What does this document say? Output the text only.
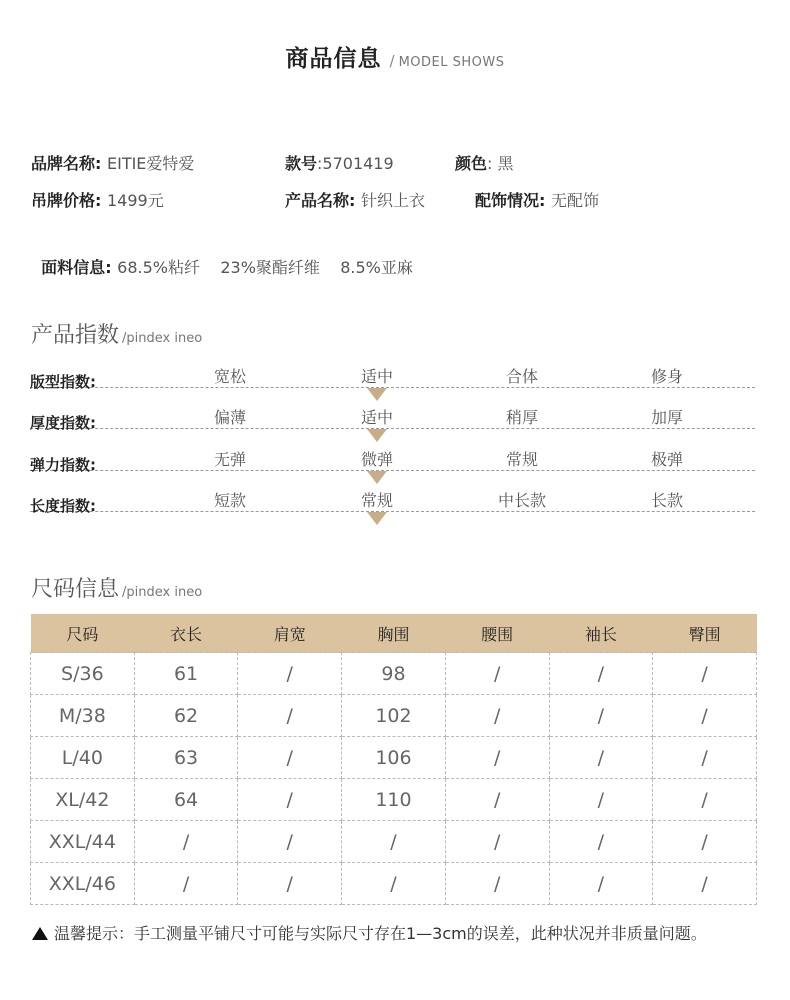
商品信息 / MODEL SHOWS
品牌名称: EITIE爱特爱	款号:5701419	颜色: 黑
吊牌价格: 1499元	产品名称: 针织上衣	配饰情况: 无配饰

面料信息: 68.5%粘纤    23%聚酯纤维    8.5%亚麻

产品指数 /pindex ineo
版型指数:	宽松	适中	合体	修身
厚度指数:	偏薄	适中	稍厚	加厚
弹力指数:	无弹	微弹	常规	极弹
长度指数:	短款	常规	中长款	长款
尺码信息 /pindex ineo
尺码	衣长	肩宽	胸围	腰围	袖长	臀围
S/36	61	/	98	/	/	/
M/38	62	/	102	/	/	/
L/40	63	/	106	/	/	/
XL/42	64	/	110	/	/	/
XXL/44	/	/	/	/	/	/
XXL/46	/	/	/	/	/	/
温馨提示：手工测量平铺尺寸可能与实际尺寸存在1—3cm的误差，此种状况并非质量问题。
